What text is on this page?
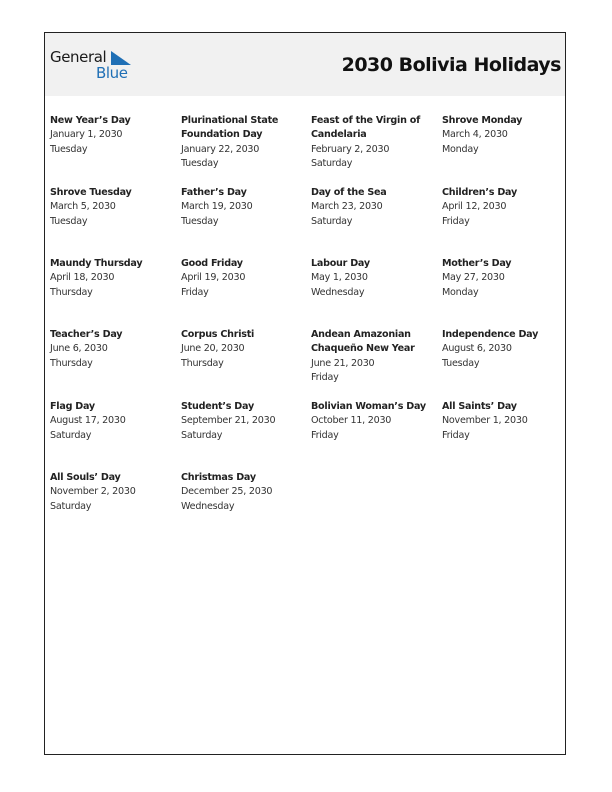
General
Blue	2030 Bolivia Holidays
New Year’s Day
January 1, 2030
Tuesday
Plurinational State Foundation Day
January 22, 2030
Tuesday
Feast of the Virgin of Candelaria
February 2, 2030
Saturday
Shrove Monday
March 4, 2030
Monday
Shrove Tuesday
March 5, 2030
Tuesday
Father’s Day
March 19, 2030
Tuesday
Day of the Sea
March 23, 2030
Saturday
Children’s Day
April 12, 2030
Friday
Maundy Thursday
April 18, 2030
Thursday
Good Friday
April 19, 2030
Friday
Labour Day
May 1, 2030
Wednesday
Mother’s Day
May 27, 2030
Monday
Teacher’s Day
June 6, 2030
Thursday
Corpus Christi
June 20, 2030
Thursday
Andean Amazonian Chaqueño New Year
June 21, 2030
Friday
Independence Day
August 6, 2030
Tuesday
Flag Day
August 17, 2030
Saturday
Student’s Day
September 21, 2030
Saturday
Bolivian Woman’s Day
October 11, 2030
Friday
All Saints’ Day
November 1, 2030
Friday
All Souls’ Day
November 2, 2030
Saturday
Christmas Day
December 25, 2030
Wednesday
